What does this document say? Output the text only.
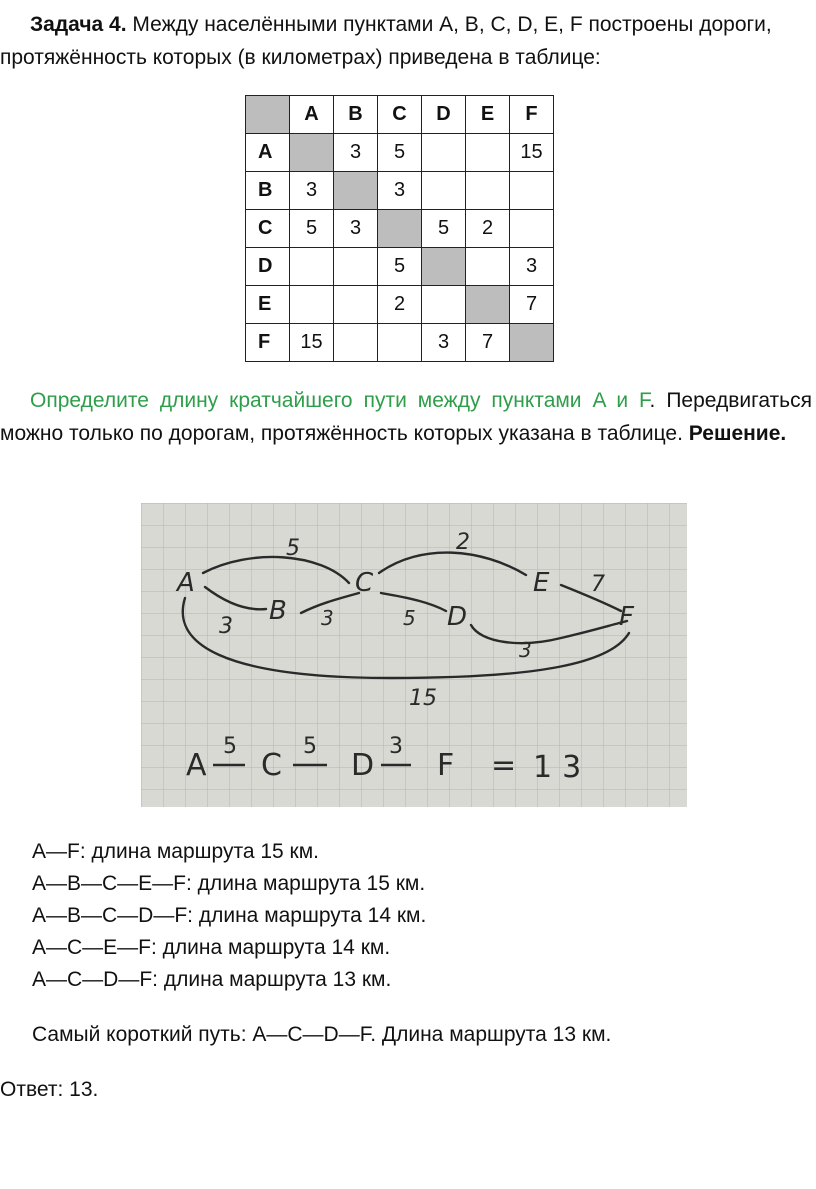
Задача 4. Между населёнными пунктами A, B, C, D, E, F построены дороги, протяжённость которых (в километрах) приведена в таблице:

	A	B	C	D	E	F
A		3	5			15
B	3		3			
C	5	3		5	2	
D			5			3
E			2			7
F	15			3	7	

Определите длину кратчайшего пути между пунктами A и F. Передвигаться можно только по дорогам, протяжённость которых указана в таблице. Решение.

A
B
C
D
E
F
5	2
7
3	3	5
3
15
A
5
C
5
D
3
F = 13
A—F: длина маршрута 15 км.
A—B—C—E—F: длина маршрута 15 км.
A—B—C—D—F: длина маршрута 14 км.
A—C—E—F: длина маршрута 14 км.
A—C—D—F: длина маршрута 13 км.
Самый короткий путь: A—C—D—F. Длина маршрута 13 км.
Ответ: 13.
